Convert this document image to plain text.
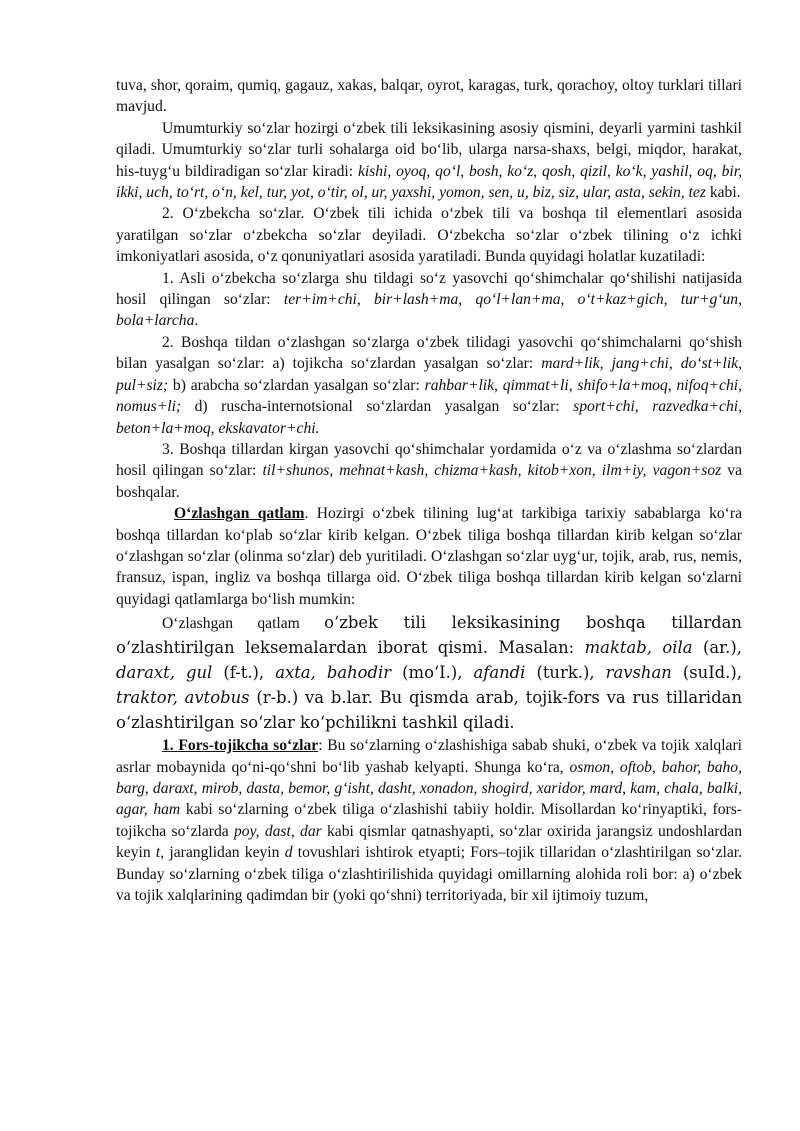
tuva, shor, qoraim, qumiq, gagauz, xakas, balqar, oyrot, karagas, turk, qorachoy, oltoy turklari tillari mavjud.

Umumturkiy so‘zlar hozirgi o‘zbek tili leksikasining asosiy qismini, deyarli yarmini tashkil qiladi. Umumturkiy so‘zlar turli sohalarga oid bo‘lib, ularga narsa-shaxs, belgi, miqdor, harakat, his-tuyg‘u bildiradigan so‘zlar kiradi: kishi, oyoq, qo‘l, bosh, ko‘z, qosh, qizil, ko‘k, yashil, oq, bir, ikki, uch, to‘rt, o‘n, kel, tur, yot, o‘tir, ol, ur, yaxshi, yomon, sen, u, biz, siz, ular, asta, sekin, tez kabi.

2. O‘zbekcha so‘zlar. O‘zbek tili ichida o‘zbek tili va boshqa til elementlari asosida yaratilgan so‘zlar o‘zbekcha so‘zlar deyiladi. O‘zbekcha so‘zlar o‘zbek tilining o‘z ichki imkoniyatlari asosida, o‘z qonuniyatlari asosida yaratiladi. Bunda quyidagi holatlar kuzatiladi:

1. Asli o‘zbekcha so‘zlarga shu tildagi so‘z yasovchi qo‘shimchalar qo‘shilishi natijasida hosil qilingan so‘zlar: ter+im+chi, bir+lash+ma, qo‘l+lan+ma, o‘t+kaz+gich, tur+g‘un, bola+larcha.

2. Boshqa tildan o‘zlashgan so‘zlarga o‘zbek tilidagi yasovchi qo‘shimchalarni qo‘shish bilan yasalgan so‘zlar: a) tojikcha so‘zlardan yasalgan so‘zlar: mard+lik, jang+chi, do‘st+lik, pul+siz; b) arabcha so‘zlardan yasalgan so‘zlar: rahbar+lik, qimmat+li, shifo+la+moq, nifoq+chi, nomus+li; d) ruscha-internotsional so‘zlardan yasalgan so‘zlar: sport+chi, razvedka+chi, beton+la+moq, ekskavator+chi.

3. Boshqa tillardan kirgan yasovchi qo‘shimchalar yordamida o‘z va o‘zlashma so‘zlardan hosil qilingan so‘zlar: til+shunos, mehnat+kash, chizma+kash, kitob+xon, ilm+iy, vagon+soz va boshqalar.

O‘zlashgan qatlam. Hozirgi o‘zbek tilining lug‘at tarkibiga tarixiy sabablarga ko‘ra boshqa tillardan ko‘plab so‘zlar kirib kelgan. O‘zbek tiliga boshqa tillardan kirib kelgan so‘zlar o‘zlashgan so‘zlar (olinma so‘zlar) deb yuritiladi. O‘zlashgan so‘zlar uyg‘ur, tojik, arab, rus, nemis, fransuz, ispan, ingliz va boshqa tillarga oid. O‘zbek tiliga boshqa tillardan kirib kelgan so‘zlarni quyidagi qatlamlarga bo‘lish mumkin:

O‘zlashgan qatlam o‘zbek tili leksikasining boshqa tillardan o‘zlashtirilgan leksemalardan iborat qismi. Masalan: maktab, oila (ar.), daraxt, gul (f-t.), axta, bahodir (mo‘I.), afandi (turk.), ravshan (suId.), traktor, avtobus (r-b.) va b.lar. Bu qismda arab, tojik-fors va rus tillaridan o‘zlashtirilgan so‘zlar ko‘pchilikni tashkil qiladi.

1. Fors-tojikcha so‘zlar: Bu so‘zlarning o‘zlashishiga sabab shuki, o‘zbek va tojik xalqlari asrlar mobaynida qo‘ni-qo‘shni bo‘lib yashab kelyapti. Shunga ko‘ra, osmon, oftob, bahor, baho, barg, daraxt, mirob, dasta, bemor, g‘isht, dasht, xonadon, shogird, xaridor, mard, kam, chala, balki, agar, ham kabi so‘zlarning o‘zbek tiliga o‘zlashishi tabiiy holdir. Misollardan ko‘rinyaptiki, fors-tojikcha so‘zlarda poy, dast, dar kabi qismlar qatnashyapti, so‘zlar oxirida jarangsiz undoshlardan keyin t, jaranglidan keyin d tovushlari ishtirok etyapti; Fors–tojik tillaridan o‘zlashtirilgan so‘zlar. Bunday so‘zlarning o‘zbek tiliga o‘zlashtirilishida quyidagi omillarning alohida roli bor: a) o‘zbek va tojik xalqlarining qadimdan bir (yoki qo‘shni) territoriyada, bir xil ijtimoiy tuzum,
